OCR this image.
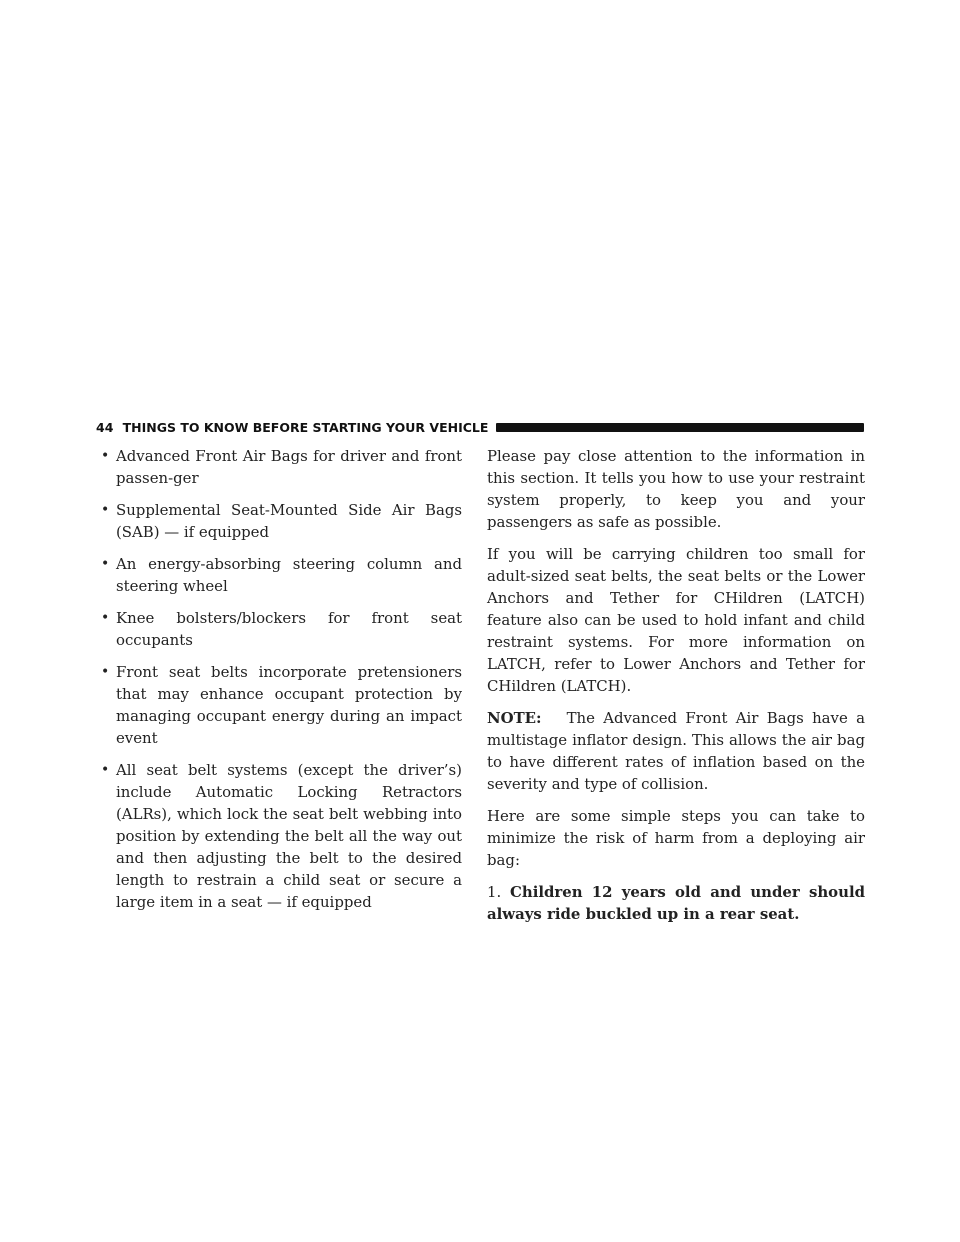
44 THINGS TO KNOW BEFORE STARTING YOUR VEHICLE
• Advanced Front Air Bags for driver and front passen-ger
• Supplemental Seat-Mounted Side Air Bags (SAB) — if equipped
• An energy-absorbing steering column and steering wheel
• Knee bolsters/blockers for front seat occupants
• Front seat belts incorporate pretensioners that may enhance occupant protection by managing occupant energy during an impact event
• All seat belt systems (except the driver’s) include Automatic Locking Retractors (ALRs), which lock the seat belt webbing into position by extending the belt all the way out and then adjusting the belt to the desired length to restrain a child seat or secure a large item in a seat — if equipped

Please pay close attention to the information in this section. It tells you how to use your restraint system properly, to keep you and your passengers as safe as possible.

If you will be carrying children too small for adult-sized seat belts, the seat belts or the Lower Anchors and Tether for CHildren (LATCH) feature also can be used to hold infant and child restraint systems. For more information on LATCH, refer to Lower Anchors and Tether for CHildren (LATCH).

NOTE: The Advanced Front Air Bags have a multistage inflator design. This allows the air bag to have different rates of inflation based on the severity and type of collision.

Here are some simple steps you can take to minimize the risk of harm from a deploying air bag:

1. Children 12 years old and under should always ride buckled up in a rear seat.
